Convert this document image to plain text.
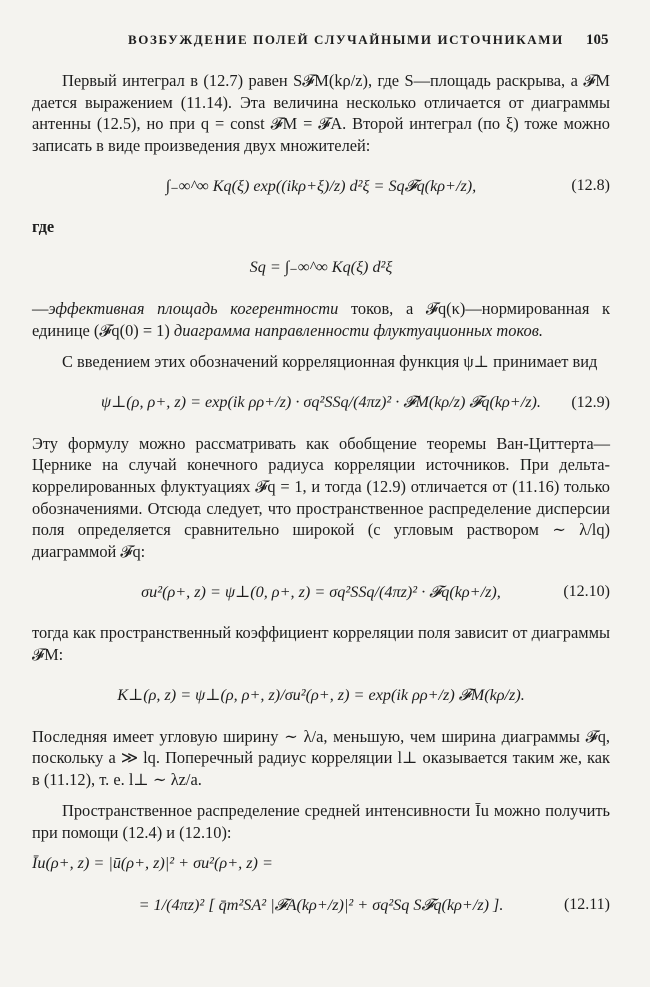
ВОЗБУЖДЕНИЕ ПОЛЕЙ СЛУЧАЙНЫМИ ИСТОЧНИКАМИ 105

Первый интеграл в (12.7) равен S𝓕M(kρ/z), где S—площадь раскрыва, а 𝓕M дается выражением (11.14). Эта величина несколько отличается от диаграммы антенны (12.5), но при q = const 𝓕M = 𝓕A. Второй интеграл (по ξ) тоже можно записать в виде произведения двух множителей:

∫₋∞^∞ Kq(ξ) exp((ikρ+ξ)/z) d²ξ = Sq𝓕q(kρ+/z),	(12.8)

где

Sq = ∫₋∞^∞ Kq(ξ) d²ξ

—эффективная площадь когерентности токов, а 𝓕q(κ)—нормированная к единице (𝓕q(0) = 1) диаграмма направленности флуктуационных токов.

С введением этих обозначений корреляционная функция ψ⊥ принимает вид

ψ⊥(ρ, ρ+, z) = exp(ik ρρ+/z) · σq²SSq/(4πz)² · 𝓕M(kρ/z) 𝓕q(kρ+/z).	(12.9)

Эту формулу можно рассматривать как обобщение теоремы Ван-Циттерта—Цернике на случай конечного радиуса корреляции источников. При дельта-коррелированных флуктуациях 𝓕q = 1, и тогда (12.9) отличается от (11.16) только обозначениями. Отсюда следует, что пространственное распределение дисперсии поля определяется сравнительно широкой (с угловым раствором ∼ λ/lq) диаграммой 𝓕q:

σu²(ρ+, z) = ψ⊥(0, ρ+, z) = σq²SSq/(4πz)² · 𝓕q(kρ+/z),	(12.10)

тогда как пространственный коэффициент корреляции поля зависит от диаграммы 𝓕M:

K⊥(ρ, z) = ψ⊥(ρ, ρ+, z)/σu²(ρ+, z) = exp(ik ρρ+/z) 𝓕M(kρ/z).

Последняя имеет угловую ширину ∼ λ/a, меньшую, чем ширина диаграммы 𝓕q, поскольку a ≫ lq. Поперечный радиус корреляции l⊥ оказывается таким же, как в (11.12), т. е. l⊥ ∼ λz/a.

Пространственное распределение средней интенсивности Īu можно получить при помощи (12.4) и (12.10):

Īu(ρ+, z) = |ū(ρ+, z)|² + σu²(ρ+, z) =
= 1/(4πz)² [ q̄m²SA² |𝓕A(kρ+/z)|² + σq²Sq S𝓕q(kρ+/z) ].	(12.11)
